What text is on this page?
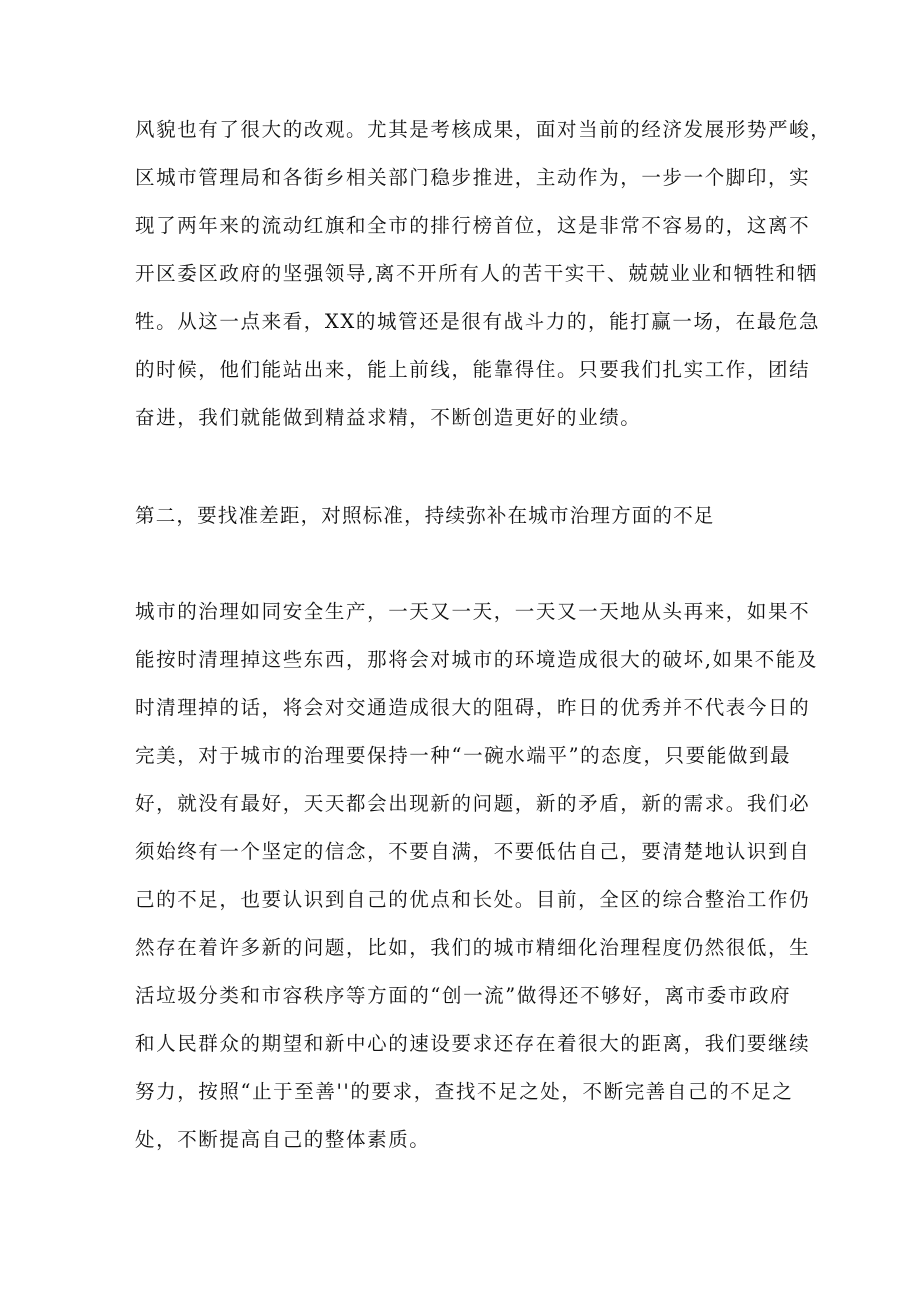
风貌也有了很大的改观。尤其是考核成果，面对当前的经济发展形势严峻，
区城市管理局和各街乡相关部门稳步推进，主动作为，一步一个脚印，实
现了两年来的流动红旗和全市的排行榜首位，这是非常不容易的，这离不
开区委区政府的坚强领导,离不开所有人的苦干实干、兢兢业业和牺牲和牺
牲。从这一点来看，XX的城管还是很有战斗力的，能打赢一场，在最危急
的时候，他们能站出来，能上前线，能靠得住。只要我们扎实工作，团结
奋进，我们就能做到精益求精，不断创造更好的业绩。
第二，要找准差距，对照标准，持续弥补在城市治理方面的不足
城市的治理如同安全生产，一天又一天，一天又一天地从头再来，如果不
能按时清理掉这些东西，那将会对城市的环境造成很大的破坏,如果不能及
时清理掉的话，将会对交通造成很大的阻碍，昨日的优秀并不代表今日的
完美，对于城市的治理要保持一种“一碗水端平”的态度，只要能做到最
好，就没有最好，天天都会出现新的问题，新的矛盾，新的需求。我们必
须始终有一个坚定的信念，不要自满，不要低估自己，要清楚地认识到自
己的不足，也要认识到自己的优点和长处。目前，全区的综合整治工作仍
然存在着许多新的问题，比如，我们的城市精细化治理程度仍然很低，生
活垃圾分类和市容秩序等方面的“创一流”做得还不够好，离市委市政府
和人民群众的期望和新中心的速设要求还存在着很大的距离，我们要继续
努力，按照“止于至善''的要求，查找不足之处，不断完善自己的不足之
处，不断提高自己的整体素质。
